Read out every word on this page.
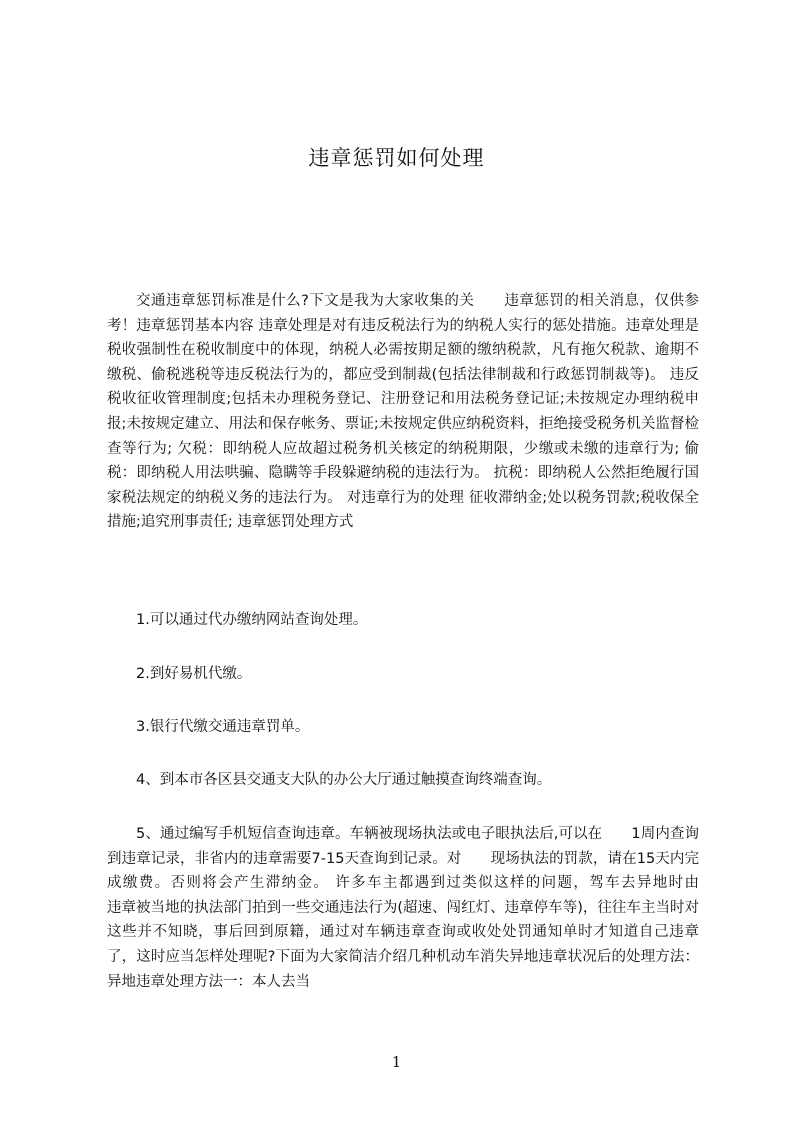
违章惩罚如何处理
交通违章惩罚标准是什么?下文是我为大家收集的关　　违章惩罚的相关消息，仅供参考！违章惩罚基本内容 违章处理是对有违反税法行为的纳税人实行的惩处措施。违章处理是税收强制性在税收制度中的体现，纳税人必需按期足额的缴纳税款，凡有拖欠税款、逾期不缴税、偷税逃税等违反税法行为的，都应受到制裁(包括法律制裁和行政惩罚制裁等)。 违反税收征收管理制度;包括未办理税务登记、注册登记和用法税务登记证;未按规定办理纳税申报;未按规定建立、用法和保存帐务、票证;未按规定供应纳税资料，拒绝接受税务机关监督检查等行为; 欠税：即纳税人应故超过税务机关核定的纳税期限，少缴或未缴的违章行为; 偷税：即纳税人用法哄骗、隐瞒等手段躲避纳税的违法行为。 抗税：即纳税人公然拒绝履行国家税法规定的纳税义务的违法行为。 对违章行为的处理 征收滞纳金;处以税务罚款;税收保全措施;追究刑事责任; 违章惩罚处理方式
1.可以通过代办缴纳网站查询处理。
2.到好易机代缴。
3.银行代缴交通违章罚单。
4、到本市各区县交通支大队的办公大厅通过触摸查询终端查询。
5、通过编写手机短信查询违章。车辆被现场执法或电子眼执法后,可以在　　1周内查询到违章记录，非省内的违章需要7-15天查询到记录。对　　现场执法的罚款，请在15天内完成缴费。否则将会产生滞纳金。 许多车主都遇到过类似这样的问题，驾车去异地时由　　　　　　违章被当地的执法部门拍到一些交通违法行为(超速、闯红灯、违章停车等)，往往车主当时对这些并不知晓，事后回到原籍，通过对车辆违章查询或收处处罚通知单时才知道自己违章了，这时应当怎样处理呢?下面为大家简洁介绍几种机动车消失异地违章状况后的处理方法： 异地违章处理方法一：本人去当
1
